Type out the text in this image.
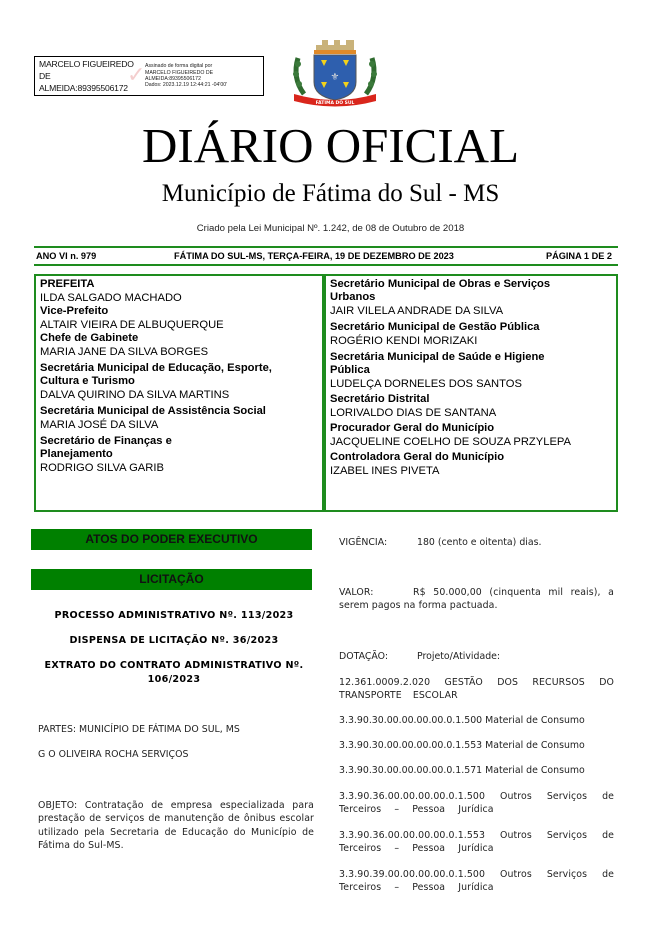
MARCELO FIGUEIREDO DE
ALMEIDA:89395506172
✓ Assinado de forma digital por
MARCELO FIGUEIREDO DE
ALMEIDA:89395506172
Dados: 2023.12.19 12:44:21 -04'00'
⚜
FÁTIMA DO SUL
DIÁRIO OFICIAL
Município de Fátima do Sul - MS
Criado pela Lei Municipal Nº. 1.242, de 08 de Outubro de 2018
ANO VI n. 979	FÁTIMA DO SUL-MS, TERÇA-FEIRA, 19 DE DEZEMBRO DE 2023	PÁGINA 1 DE 2
PREFEITA
ILDA SALGADO MACHADO
Vice-Prefeito
ALTAIR VIEIRA DE ALBUQUERQUE
Chefe de Gabinete
MARIA JANE DA SILVA BORGES
Secretária Municipal de Educação, Esporte, Cultura e Turismo
DALVA QUIRINO DA SILVA MARTINS
Secretária Municipal de Assistência Social
MARIA JOSÉ DA SILVA
Secretário de Finanças e Planejamento
RODRIGO SILVA GARIB
Secretário Municipal de Obras e Serviços Urbanos
JAIR VILELA ANDRADE DA SILVA
Secretário Municipal de Gestão Pública
ROGÉRIO KENDI MORIZAKI
Secretária Municipal de Saúde e Higiene Pública
LUDELÇA DORNELES DOS SANTOS
Secretário Distrital
LORIVALDO DIAS DE SANTANA
Procurador Geral do Município
JACQUELINE COELHO DE SOUZA PRZYLEPA
Controladora Geral do Município
IZABEL INES PIVETA
ATOS DO PODER EXECUTIVO
LICITAÇÃO
PROCESSO ADMINISTRATIVO Nº. 113/2023
DISPENSA DE LICITAÇÃO Nº. 36/2023
EXTRATO DO CONTRATO ADMINISTRATIVO Nº.
106/2023
PARTES: MUNICÍPIO DE FÁTIMA DO SUL, MS
G O OLIVEIRA ROCHA SERVIÇOS
OBJETO: Contratação de empresa especializada para prestação de serviços de manutenção de ônibus escolar utilizado pela Secretaria de Educação do Município de Fátima do Sul-MS.
VIGÊNCIA:	180 (cento e oitenta) dias.
VALOR:	R$ 50.000,00 (cinquenta mil reais), a serem pagos na forma pactuada.
DOTAÇÃO:	Projeto/Atividade:
12.361.0009.2.020 GESTÃO DOS RECURSOS DO TRANSPORTE ESCOLAR
3.3.90.30.00.00.00.00.0.1.500 Material de Consumo
3.3.90.30.00.00.00.00.0.1.553 Material de Consumo
3.3.90.30.00.00.00.00.0.1.571 Material de Consumo
3.3.90.36.00.00.00.00.0.1.500 Outros Serviços de Terceiros – Pessoa Jurídica
3.3.90.36.00.00.00.00.0.1.553 Outros Serviços de Terceiros – Pessoa Jurídica
3.3.90.39.00.00.00.00.0.1.500 Outros Serviços de Terceiros – Pessoa Jurídica
